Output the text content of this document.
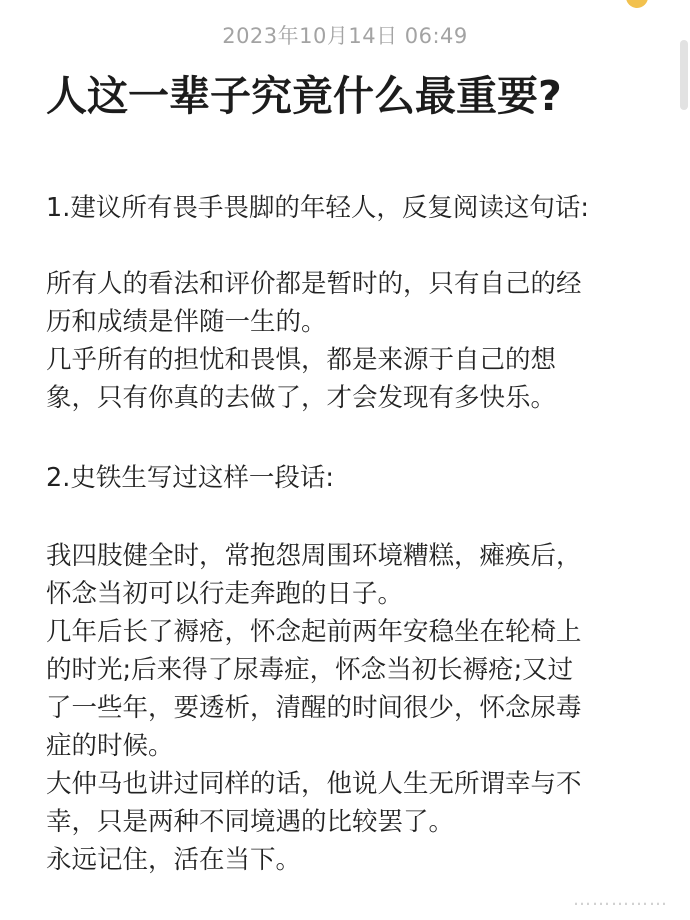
2023年10月14日 06:49
人这一辈子究竟什么最重要?

1.建议所有畏手畏脚的年轻人，反复阅读这句话:

所有人的看法和评价都是暂时的，只有自己的经

历和成绩是伴随一生的。

几乎所有的担忧和畏惧，都是来源于自己的想

象，只有你真的去做了，才会发现有多快乐。

2.史铁生写过这样一段话:

我四肢健全时，常抱怨周围环境糟糕，瘫痪后，

怀念当初可以行走奔跑的日子。

几年后长了褥疮，怀念起前两年安稳坐在轮椅上

的时光;后来得了尿毒症，怀念当初长褥疮;又过

了一些年，要透析，清醒的时间很少，怀念尿毒

症的时候。

大仲马也讲过同样的话，他说人生无所谓幸与不

幸，只是两种不同境遇的比较罢了。

永远记住，活在当下。

……………
